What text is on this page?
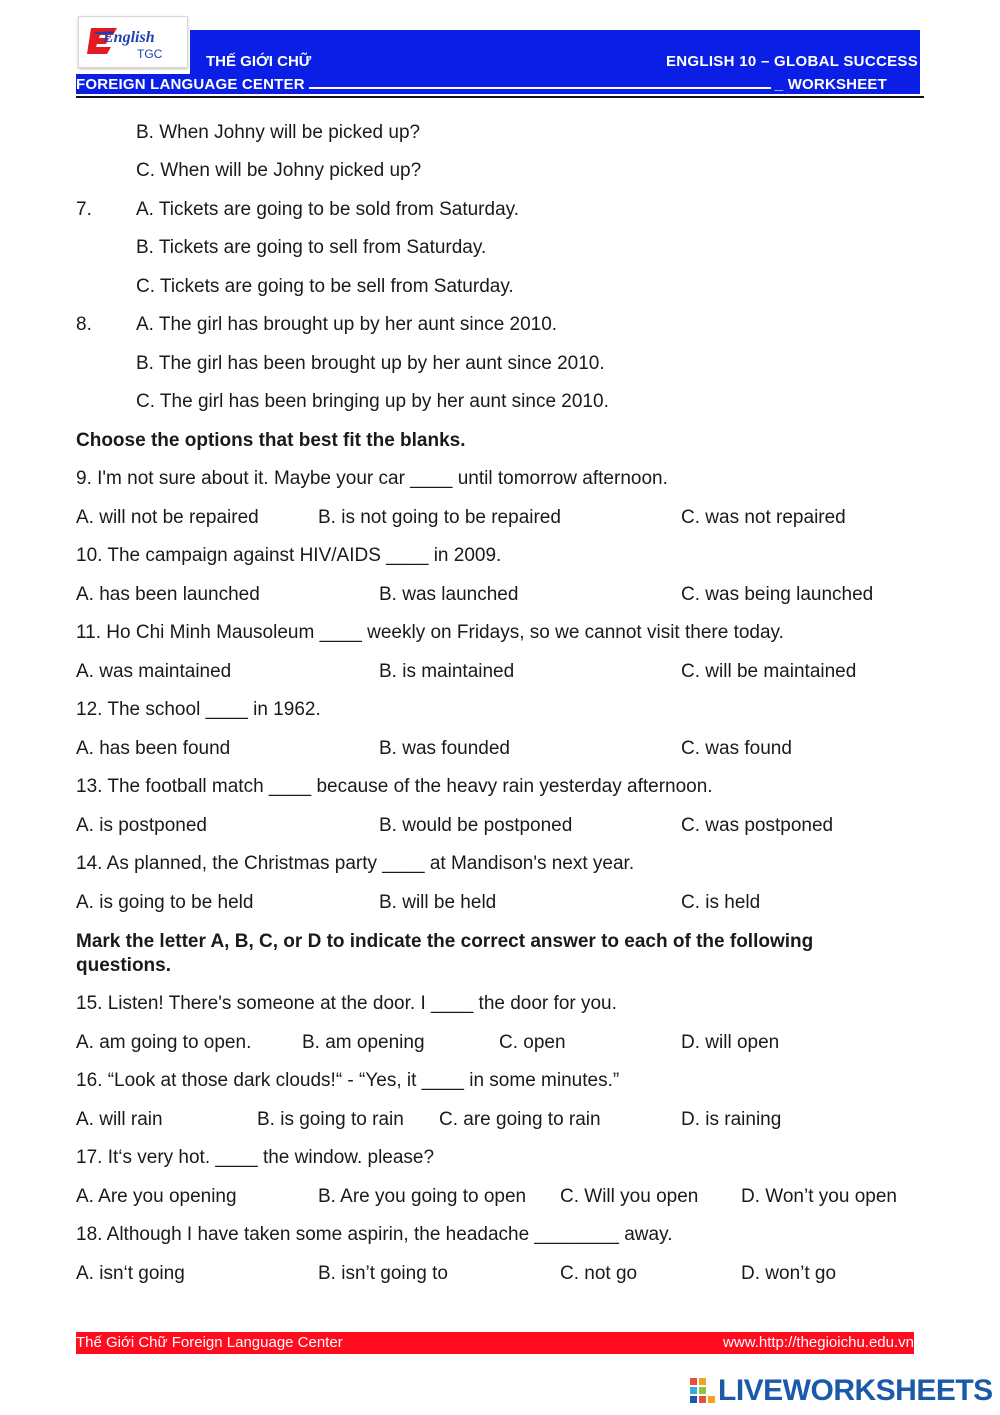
English
TGC	THẾ GIỚI CHỮ	ENGLISH 10 – GLOBAL SUCCESS
FOREIGN LANGUAGE CENTER	_ WORKSHEET
B. When Johny will be picked up?
C. When will be Johny picked up?
7. A. Tickets are going to be sold from Saturday.
B. Tickets are going to sell from Saturday.
C. Tickets are going to be sell from Saturday.
8. A. The girl has brought up by her aunt since 2010.
B. The girl has been brought up by her aunt since 2010.
C. The girl has been bringing up by her aunt since 2010.
Choose the options that best fit the blanks.
9. I'm not sure about it. Maybe your car ____ until tomorrow afternoon.
A. will not be repaired	B. is not going to be repaired	C. was not repaired
10. The campaign against HIV/AIDS ____ in 2009.
A. has been launched	B. was launched	C. was being launched
11. Ho Chi Minh Mausoleum ____ weekly on Fridays, so we cannot visit there today.
A. was maintained	B. is maintained	C. will be maintained
12. The school ____ in 1962.
A. has been found	B. was founded	C. was found
13. The football match ____ because of the heavy rain yesterday afternoon.
A. is postponed	B. would be postponed	C. was postponed
14. As planned, the Christmas party ____ at Mandison's next year.
A. is going to be held	B. will be held	C. is held
Mark the letter A, B, C, or D to indicate the correct answer to each of the following
questions.
15. Listen! There's someone at the door. I ____ the door for you.
A. am going to open.	B. am opening	C. open	D. will open
16. “Look at those dark clouds!“ - “Yes, it ____ in some minutes.”
A. will rain	B. is going to rain C. are going to rain	D. is raining
17. It‘s very hot. ____ the window. please?
A. Are you opening	B. Are you going to open C. Will you open D. Won’t you open
18. Although I have taken some aspirin, the headache ________ away.
A. isn‘t going	B. isn’t going to	C. not go	D. won’t go
Thế Giới Chữ Foreign Language Center	www.http://thegioichu.edu.vn
LIVEWORKSHEETS
